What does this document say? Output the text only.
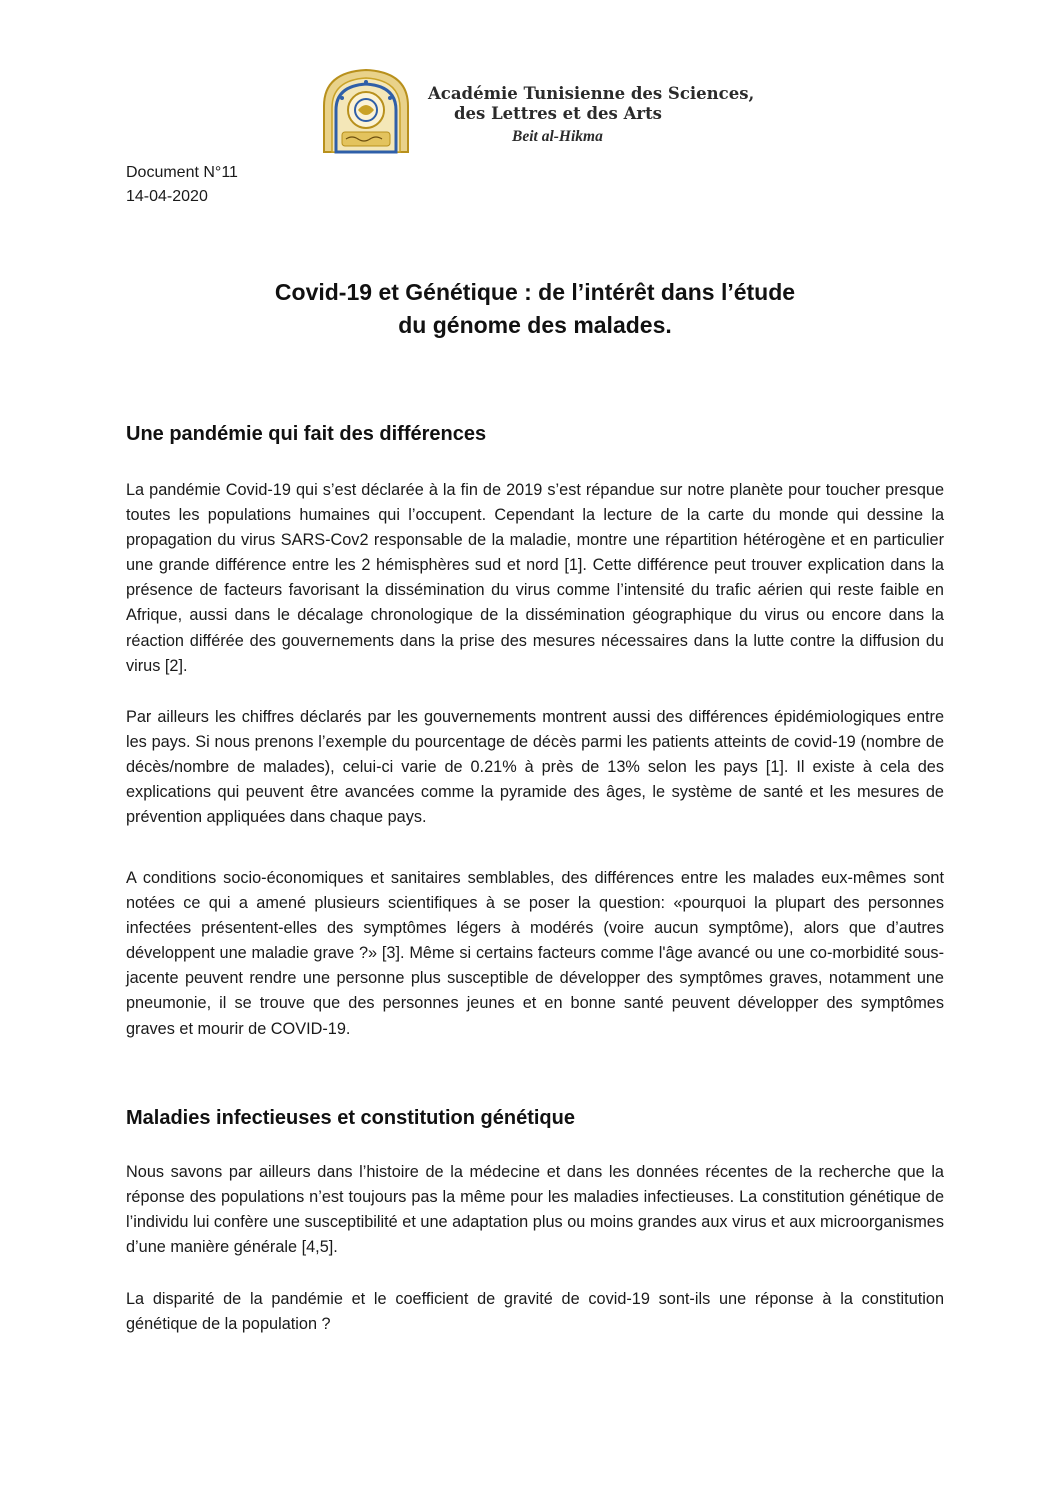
Académie Tunisienne des Sciences,
des Lettres et des Arts
Beit al-Hikma
Document N°11
14-04-2020
Covid-19 et Génétique : de l’intérêt dans l’étude
du génome des malades.
Une pandémie qui fait des différences
La pandémie Covid-19 qui s’est déclarée à la fin de 2019 s’est répandue sur notre planète pour toucher presque toutes les populations humaines qui l’occupent. Cependant la lecture de la carte du monde qui dessine la propagation du virus SARS-Cov2 responsable de la maladie, montre une répartition hétérogène et en particulier une grande différence entre les 2 hémisphères sud et nord [1]. Cette différence peut trouver explication dans la présence de facteurs favorisant la dissémination du virus comme l’intensité du trafic aérien qui reste faible en Afrique, aussi dans le décalage chronologique de la dissémination géographique du virus ou encore dans la réaction différée des gouvernements dans la prise des mesures nécessaires dans la lutte contre la diffusion du virus [2].
Par ailleurs les chiffres déclarés par les gouvernements montrent aussi des différences épidémiologiques entre les pays. Si nous prenons l’exemple du pourcentage de décès parmi les patients atteints de covid-19 (nombre de décès/nombre de malades), celui-ci varie de 0.21% à près de 13% selon les pays [1]. Il existe à cela des explications qui peuvent être avancées comme la pyramide des âges, le système de santé et les mesures de prévention appliquées dans chaque pays.
A conditions socio-économiques et sanitaires semblables, des différences entre les malades eux-mêmes sont notées ce qui a amené plusieurs scientifiques à se poser la question: «pourquoi la plupart des personnes infectées présentent-elles des symptômes légers à modérés (voire aucun symptôme), alors que d’autres développent une maladie grave ?» [3]. Même si certains facteurs comme l'âge avancé ou une co-morbidité sous-jacente peuvent rendre une personne plus susceptible de développer des symptômes graves, notamment une pneumonie, il se trouve que des personnes jeunes et en bonne santé peuvent développer des symptômes graves et mourir de COVID-19.
Maladies infectieuses et constitution génétique
Nous savons par ailleurs dans l’histoire de la médecine et dans les données récentes de la recherche que la réponse des populations n’est toujours pas la même pour les maladies infectieuses. La constitution génétique de l’individu lui confère une susceptibilité et une adaptation plus ou moins grandes aux virus et aux microorganismes d’une manière générale [4,5].
La disparité de la pandémie et le coefficient de gravité de covid-19 sont-ils une réponse à la constitution génétique de la population ?
